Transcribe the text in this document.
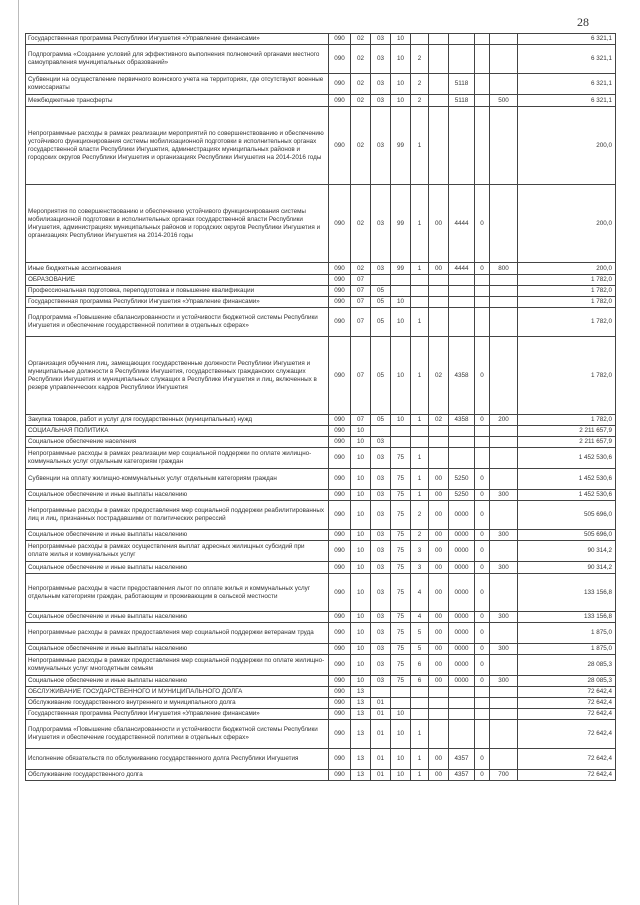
28
Государственная программа Республики Ингушетия «Управление финансами»	090	02	03	10						6 321,1
Подпрограмма «Создание условий для эффективного выполнения полномочий органами местного самоуправления муниципальных образований»	090	02	03	10	2					6 321,1
Субвенции на осуществление первичного воинского учета на территориях, где отсутствуют военные комиссариаты	090	02	03	10	2		5118			6 321,1
Межбюджетные трансферты	090	02	03	10	2		5118		500	6 321,1
Непрограммные расходы в рамках реализации мероприятий по совершенствованию и обеспечению устойчивого функционирования системы мобилизационной подготовки в исполнительных органах государственной власти Республики Ингушетия, администрациях муниципальных районов и городских округов Республики Ингушетия и организациях Республики Ингушетия на 2014-2016 годы	090	02	03	99	1					200,0
Мероприятия по совершенствованию и обеспечению устойчивого функционирования системы мобилизационной подготовки в исполнительных органах государственной власти Республики Ингушетия, администрациях муниципальных районов и городских округов Республики Ингушетия и организациях Республики Ингушетия на 2014-2016 годы	090	02	03	99	1	00	4444	0		200,0
Иные бюджетные ассигнования	090	02	03	99	1	00	4444	0	800	200,0
ОБРАЗОВАНИЕ	090	07								1 782,0
Профессиональная подготовка, переподготовка и повышение квалификации	090	07	05							1 782,0
Государственная программа Республики Ингушетия «Управление финансами»	090	07	05	10						1 782,0
Подпрограмма «Повышение сбалансированности и устойчивости бюджетной системы Республики Ингушетия и обеспечение государственной политики в отдельных сферах»	090	07	05	10	1					1 782,0
Организация обучения лиц, замещающих государственные должности Республики Ингушетия и муниципальные должности в Республике Ингушетия, государственных гражданских служащих Республики Ингушетия и муниципальных служащих в Республике Ингушетия и лиц, включенных в резерв управленческих кадров Республики Ингушетия	090	07	05	10	1	02	4358	0		1 782,0
Закупка товаров, работ и услуг для государственных (муниципальных) нужд	090	07	05	10	1	02	4358	0	200	1 782,0
СОЦИАЛЬНАЯ ПОЛИТИКА	090	10								2 211 657,9
Социальное обеспечение населения	090	10	03							2 211 657,9
Непрограммные расходы в рамках реализации мер социальной поддержки по оплате жилищно-коммунальных услуг отдельным категориям граждан	090	10	03	75	1					1 452 530,6
Субвенции на оплату жилищно-коммунальных услуг отдельным категориям граждан	090	10	03	75	1	00	5250	0		1 452 530,6
Социальное обеспечение и иные выплаты населению	090	10	03	75	1	00	5250	0	300	1 452 530,6
Непрограммные расходы в рамках предоставления мер социальной поддержки реабилитированных лиц и лиц, признанных пострадавшими от политических репрессий	090	10	03	75	2	00	0000	0		505 696,0
Социальное обеспечение и иные выплаты населению	090	10	03	75	2	00	0000	0	300	505 696,0
Непрограммные расходы в рамках осуществления выплат адресных жилищных субсидий при оплате жилья и коммунальных услуг	090	10	03	75	3	00	0000	0		90 314,2
Социальное обеспечение и иные выплаты населению	090	10	03	75	3	00	0000	0	300	90 314,2
Непрограммные расходы в части предоставления льгот по оплате жилья и коммунальных услуг отдельным категориям граждан, работающим и проживающим в сельской местности	090	10	03	75	4	00	0000	0		133 156,8
Социальное обеспечение и иные выплаты населению	090	10	03	75	4	00	0000	0	300	133 156,8
Непрограммные расходы в рамках предоставления мер социальной поддержки ветеранам труда	090	10	03	75	5	00	0000	0		1 875,0
Социальное обеспечение и иные выплаты населению	090	10	03	75	5	00	0000	0	300	1 875,0
Непрограммные расходы в рамках предоставления мер социальной поддержки по оплате жилищно-коммунальных услуг многодетным семьям	090	10	03	75	6	00	0000	0		28 085,3
Социальное обеспечение и иные выплаты населению	090	10	03	75	6	00	0000	0	300	28 085,3
ОБСЛУЖИВАНИЕ ГОСУДАРСТВЕННОГО И МУНИЦИПАЛЬНОГО ДОЛГА	090	13								72 642,4
Обслуживание государственного внутреннего и муниципального долга	090	13	01							72 642,4
Государственная программа Республики Ингушетия «Управление финансами»	090	13	01	10						72 642,4
Подпрограмма «Повышение сбалансированности и устойчивости бюджетной системы Республики Ингушетия и обеспечение государственной политики в отдельных сферах»	090	13	01	10	1					72 642,4
Исполнение обязательств по обслуживанию государственного долга Республики Ингушетия	090	13	01	10	1	00	4357	0		72 642,4
Обслуживание государственного долга	090	13	01	10	1	00	4357	0	700	72 642,4
